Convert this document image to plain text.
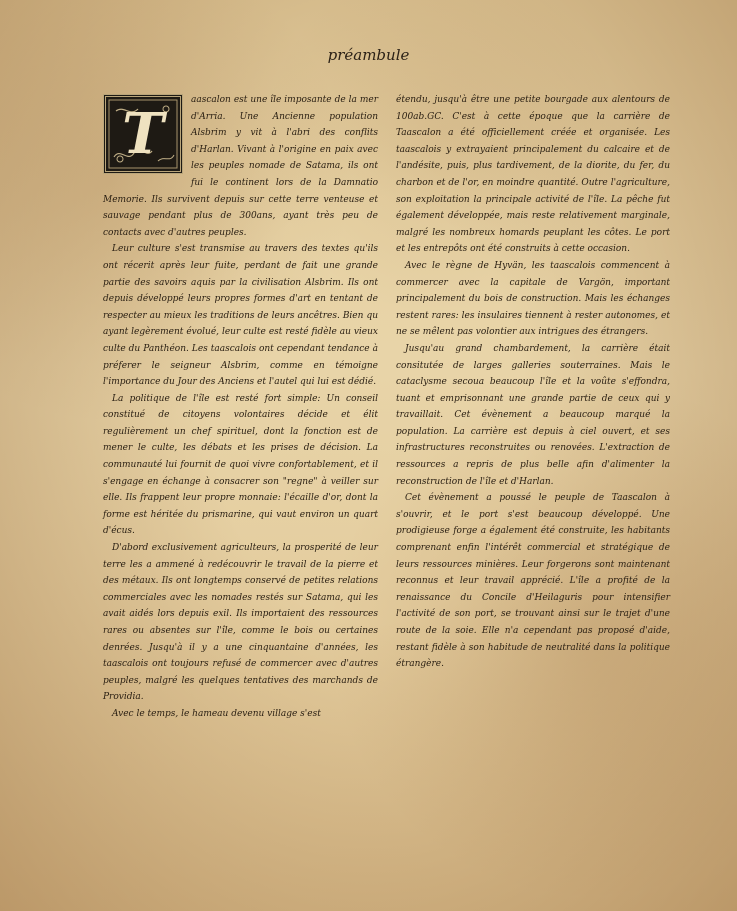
préambule
T

aascalon est une île imposante de la mer d'Arria. Une Ancienne population Alsbrim y vit à l'abri des conflits d'Harlan. Vivant à l'origine en paix avec les peuples nomade de Satama, ils ont fui le continent lors de la Damnatio Memorie. Ils survivent depuis sur cette terre venteuse et sauvage pendant plus de 300ans, ayant très peu de contacts avec d'autres peuples.

Leur culture s'est transmise au travers des textes qu'ils ont récerit après leur fuite, perdant de fait une grande partie des savoirs aquis par la civilisation Alsbrim. Ils ont depuis développé leurs propres formes d'art en tentant de respecter au mieux les traditions de leurs ancêtres. Bien qu ayant legèrement évolué, leur culte est resté fidèle au vieux culte du Panthéon. Les taascalois ont cependant tendance à préferer le seigneur Alsbrim, comme en témoigne l'importance du Jour des Anciens et l'autel qui lui est dédié.

La politique de l'île est resté fort simple: Un conseil constitué de citoyens volontaires décide et élit regulièrement un chef spirituel, dont la fonction est de mener le culte, les débats et les prises de décision. La communauté lui fournit de quoi vivre confortablement, et il s'engage en échange à consacrer son "regne" à veiller sur elle. Ils frappent leur propre monnaie: l'écaille d'or, dont la forme est héritée du prismarine, qui vaut environ un quart d'écus.

D'abord exclusivement agriculteurs, la prosperité de leur terre les a ammené à redécouvrir le travail de la pierre et des métaux. Ils ont longtemps conservé de petites relations commerciales avec les nomades restés sur Satama, qui les avait aidés lors depuis exil. Ils importaient des ressources rares ou absentes sur l'île, comme le bois ou certaines denrées. Jusqu'à il y a une cinquantaine d'années, les taascalois ont toujours refusé de commercer avec d'autres peuples, malgré les quelques tentatives des marchands de Providia.

Avec le temps, le hameau devenu village s'est

étendu, jusqu'à être une petite bourgade aux alentours de 100ab.GC. C'est à cette époque que la carrière de Taascalon a été officiellement créée et organisée. Les taascalois y extrayaient principalement du calcaire et de l'andésite, puis, plus tardivement, de la diorite, du fer, du charbon et de l'or, en moindre quantité. Outre l'agriculture, son exploitation la principale activité de l'île. La pêche fut également développée, mais reste relativement marginale, malgré les nombreux homards peuplant les côtes. Le port et les entrepôts ont été construits à cette occasion.

Avec le règne de Hyvän, les taascalois commencent à commercer avec la capitale de Vargön, important principalement du bois de construction. Mais les échanges restent rares: les insulaires tiennent à rester autonomes, et ne se mêlent pas volontier aux intrigues des étrangers.

Jusqu'au grand chambardement, la carrière était consitutée de larges galleries souterraines. Mais le cataclysme secoua beaucoup l'île et la voûte s'effondra, tuant et emprisonnant une grande partie de ceux qui y travaillait. Cet évènement a beaucoup marqué la population. La carrière est depuis à ciel ouvert, et ses infrastructures reconstruites ou renovées. L'extraction de ressources a repris de plus belle afin d'alimenter la reconstruction de l'île et d'Harlan.

Cet évènement a poussé le peuple de Taascalon à s'ouvrir, et le port s'est beaucoup développé. Une prodigieuse forge a également été construite, les habitants comprenant enfin l'intérêt commercial et stratégique de leurs ressources minières. Leur forgerons sont maintenant reconnus et leur travail apprécié. L'île a profité de la renaissance du Concile d'Heilaguris pour intensifier l'activité de son port, se trouvant ainsi sur le trajet d'une route de la soie. Elle n'a cependant pas proposé d'aide, restant fidèle à son habitude de neutralité dans la politique étrangère.
